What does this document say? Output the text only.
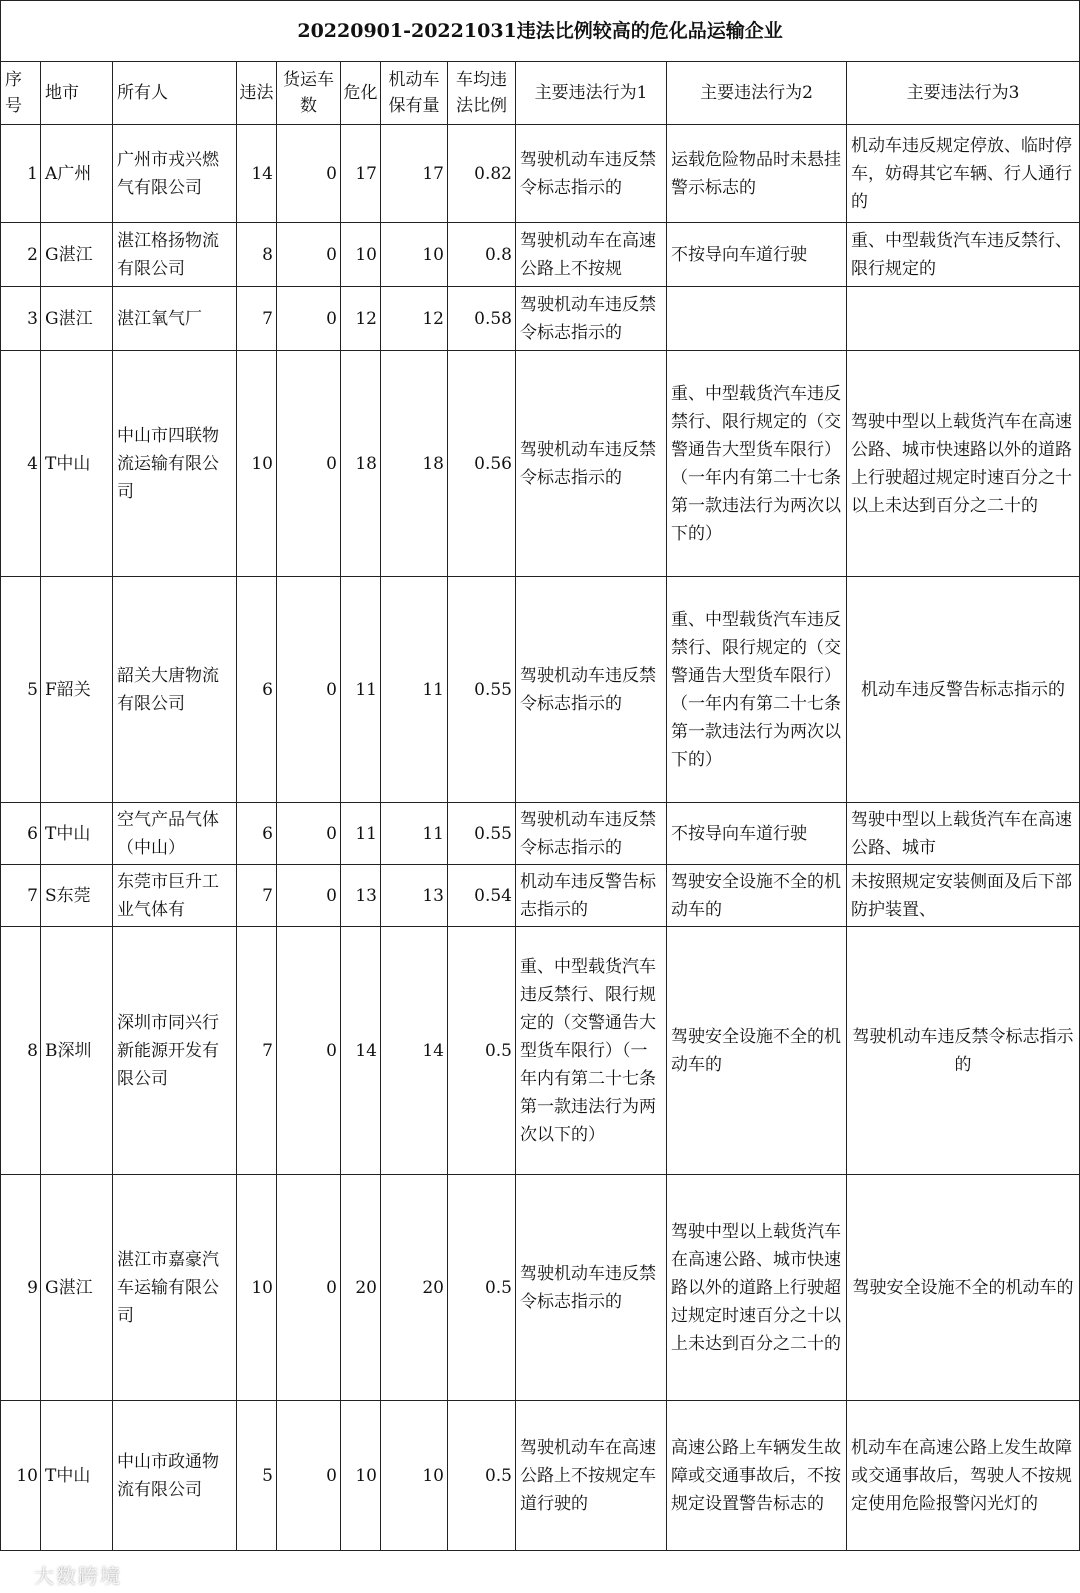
20220901-20221031违法比例较高的危化品运输企业										
序号	地市	所有人	违法	货运车数	危化	机动车保有量	车均违法比例	主要违法行为1	主要违法行为2	主要违法行为3
1	A广州	广州市戎兴燃气有限公司	14	0	17	17	0.82	驾驶机动车违反禁令标志指示的	运载危险物品时未悬挂警示标志的	机动车违反规定停放、临时停车，妨碍其它车辆、行人通行的
2	G湛江	湛江格扬物流有限公司	8	0	10	10	0.8	驾驶机动车在高速公路上不按规	不按导向车道行驶	重、中型载货汽车违反禁行、限行规定的
3	G湛江	湛江氧气厂	7	0	12	12	0.58	驾驶机动车违反禁令标志指示的		
4	T中山	中山市四联物流运输有限公司	10	0	18	18	0.56	驾驶机动车违反禁令标志指示的	重、中型载货汽车违反禁行、限行规定的（交警通告大型货车限行）（一年内有第二十七条第一款违法行为两次以下的）	驾驶中型以上载货汽车在高速公路、城市快速路以外的道路上行驶超过规定时速百分之十以上未达到百分之二十的
5	F韶关	韶关大唐物流有限公司	6	0	11	11	0.55	驾驶机动车违反禁令标志指示的	重、中型载货汽车违反禁行、限行规定的（交警通告大型货车限行）（一年内有第二十七条第一款违法行为两次以下的）	机动车违反警告标志指示的
6	T中山	空气产品气体（中山）	6	0	11	11	0.55	驾驶机动车违反禁令标志指示的	不按导向车道行驶	驾驶中型以上载货汽车在高速公路、城市
7	S东莞	东莞市巨升工业气体有	7	0	13	13	0.54	机动车违反警告标志指示的	驾驶安全设施不全的机动车的	未按照规定安装侧面及后下部防护装置、
8	B深圳	深圳市同兴行新能源开发有限公司	7	0	14	14	0.5	重、中型载货汽车违反禁行、限行规定的（交警通告大型货车限行）（一年内有第二十七条第一款违法行为两次以下的）	驾驶安全设施不全的机动车的	驾驶机动车违反禁令标志指示的
9	G湛江	湛江市嘉豪汽车运输有限公司	10	0	20	20	0.5	驾驶机动车违反禁令标志指示的	驾驶中型以上载货汽车在高速公路、城市快速路以外的道路上行驶超过规定时速百分之十以上未达到百分之二十的	驾驶安全设施不全的机动车的
10	T中山	中山市政通物流有限公司	5	0	10	10	0.5	驾驶机动车在高速公路上不按规定车道行驶的	高速公路上车辆发生故障或交通事故后，不按规定设置警告标志的	机动车在高速公路上发生故障或交通事故后，驾驶人不按规定使用危险报警闪光灯的
大数跨境
